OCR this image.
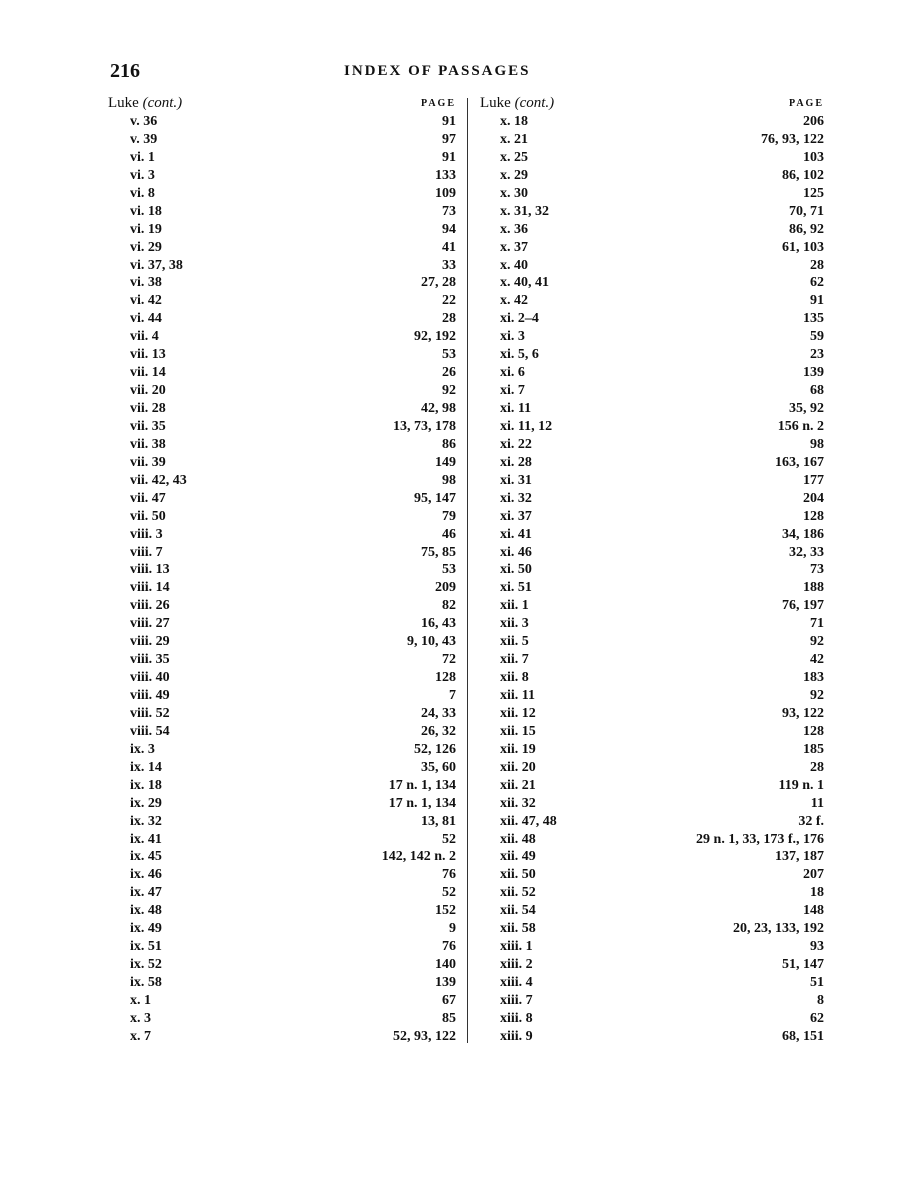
216	INDEX OF PASSAGES
Luke (cont.)	PAGE
v. 36	91
v. 39	97
vi. 1	91
vi. 3	133
vi. 8	109
vi. 18	73
vi. 19	94
vi. 29	41
vi. 37, 38	33
vi. 38	27, 28
vi. 42	22
vi. 44	28
vii. 4	92, 192
vii. 13	53
vii. 14	26
vii. 20	92
vii. 28	42, 98
vii. 35	13, 73, 178
vii. 38	86
vii. 39	149
vii. 42, 43	98
vii. 47	95, 147
vii. 50	79
viii. 3	46
viii. 7	75, 85
viii. 13	53
viii. 14	209
viii. 26	82
viii. 27	16, 43
viii. 29	9, 10, 43
viii. 35	72
viii. 40	128
viii. 49	7
viii. 52	24, 33
viii. 54	26, 32
ix. 3	52, 126
ix. 14	35, 60
ix. 18	17 n. 1, 134
ix. 29	17 n. 1, 134
ix. 32	13, 81
ix. 41	52
ix. 45	142, 142 n. 2
ix. 46	76
ix. 47	52
ix. 48	152
ix. 49	9
ix. 51	76
ix. 52	140
ix. 58	139
x. 1	67
x. 3	85
x. 7	52, 93, 122
Luke (cont.)	PAGE
x. 18	206
x. 21	76, 93, 122
x. 25	103
x. 29	86, 102
x. 30	125
x. 31, 32	70, 71
x. 36	86, 92
x. 37	61, 103
x. 40	28
x. 40, 41	62
x. 42	91
xi. 2–4	135
xi. 3	59
xi. 5, 6	23
xi. 6	139
xi. 7	68
xi. 11	35, 92
xi. 11, 12	156 n. 2
xi. 22	98
xi. 28	163, 167
xi. 31	177
xi. 32	204
xi. 37	128
xi. 41	34, 186
xi. 46	32, 33
xi. 50	73
xi. 51	188
xii. 1	76, 197
xii. 3	71
xii. 5	92
xii. 7	42
xii. 8	183
xii. 11	92
xii. 12	93, 122
xii. 15	128
xii. 19	185
xii. 20	28
xii. 21	119 n. 1
xii. 32	11
xii. 47, 48	32 f.
xii. 48	29 n. 1, 33, 173 f., 176
xii. 49	137, 187
xii. 50	207
xii. 52	18
xii. 54	148
xii. 58	20, 23, 133, 192
xiii. 1	93
xiii. 2	51, 147
xiii. 4	51
xiii. 7	8
xiii. 8	62
xiii. 9	68, 151
